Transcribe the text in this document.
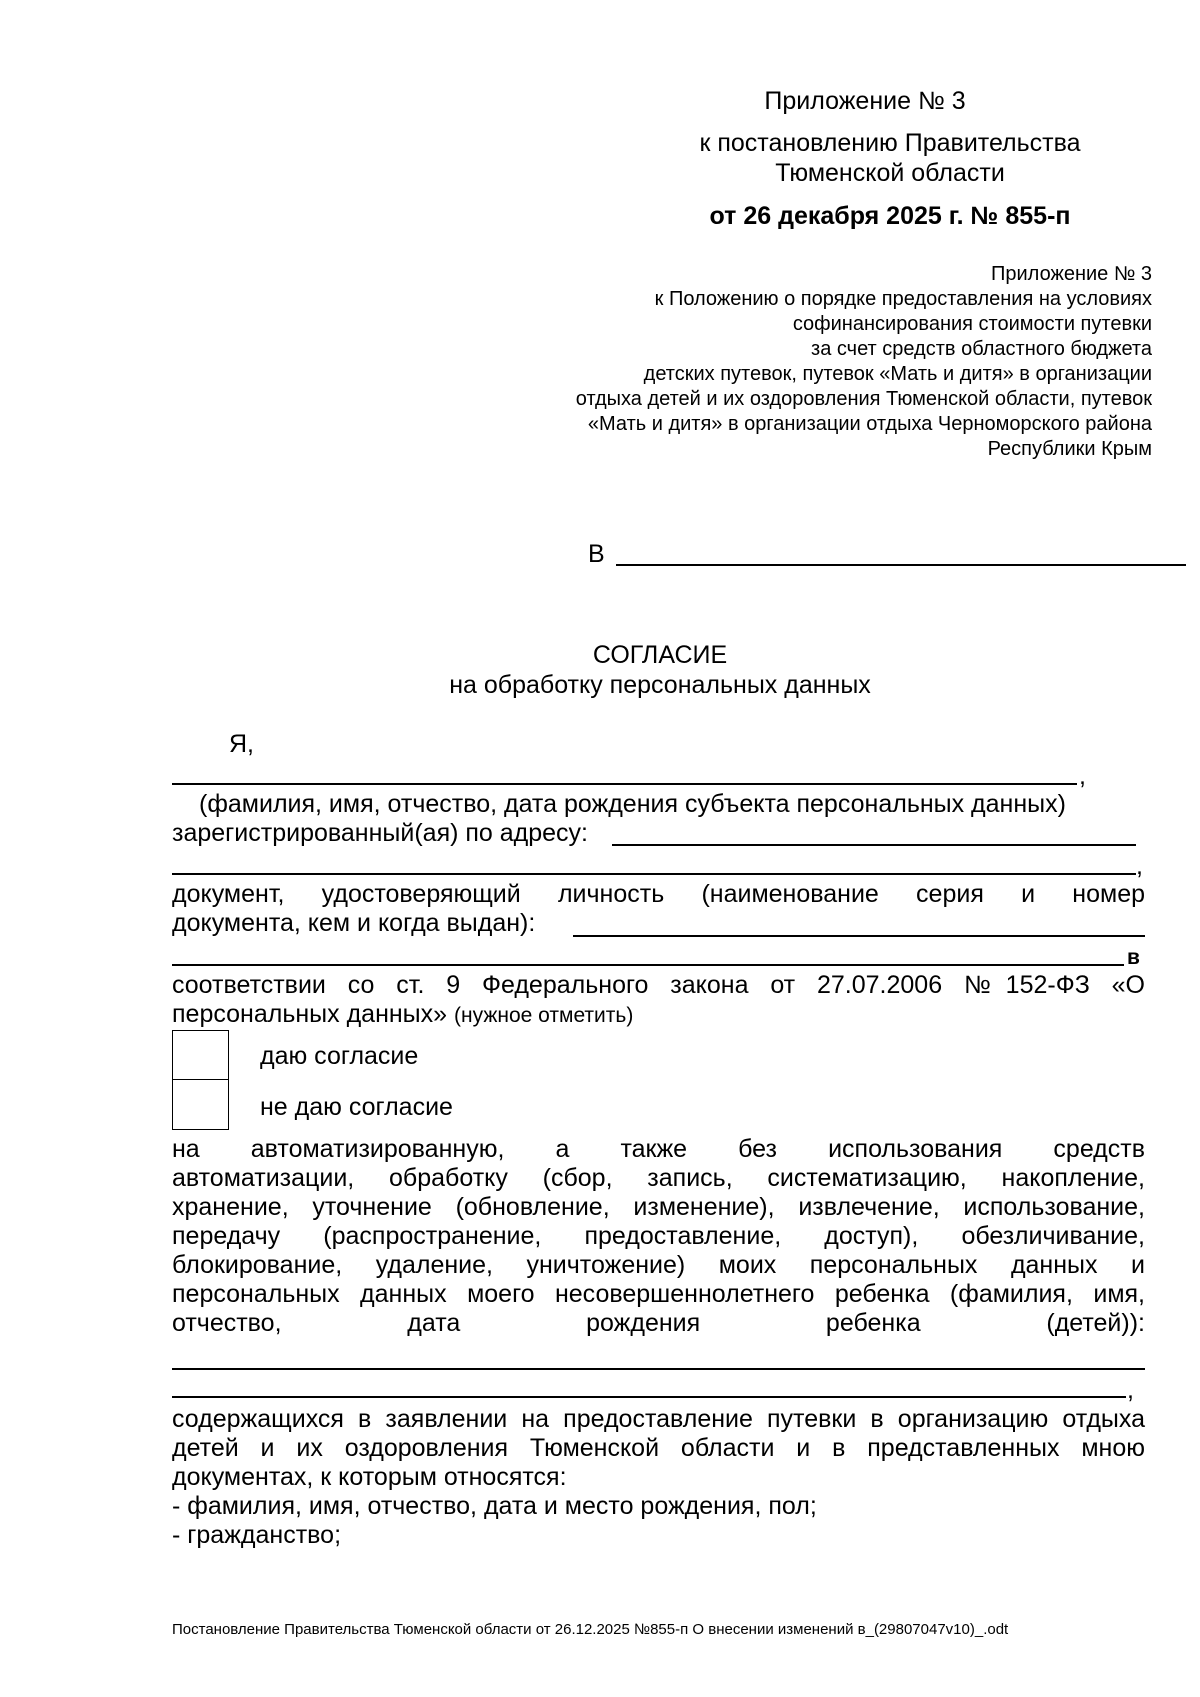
Приложение № 3
к постановлению Правительства
Тюменской области
от 26 декабря 2025 г. № 855-п
Приложение № 3
к Положению о порядке предоставления на условиях
софинансирования стоимости путевки
за счет средств областного бюджета
детских путевок, путевок «Мать и дитя» в организации
отдыха детей и их оздоровления Тюменской области, путевок
«Мать и дитя» в организации отдыха Черноморского района
Республики Крым
В
СОГЛАСИЕ
на обработку персональных данных
Я,
,
(фамилия, имя, отчество, дата рождения субъекта персональных данных)
зарегистрированный(ая) по адресу:
,
документ, удостоверяющий личность (наименование серия и номер
документа, кем и когда выдан):
в
соответствии со ст. 9 Федерального закона от 27.07.2006 №152-ФЗ «О
персональных данных» (нужное отметить)
даю согласие
не даю согласие
на автоматизированную, а также без использования средств
автоматизации, обработку (сбор, запись, систематизацию, накопление,
хранение, уточнение (обновление, изменение), извлечение, использование,
передачу (распространение, предоставление, доступ), обезличивание,
блокирование, удаление, уничтожение) моих персональных данных и
персональных данных моего несовершеннолетнего ребенка (фамилия, имя,
отчество, дата рождения ребенка (детей)):
,
содержащихся в заявлении на предоставление путевки в организацию отдыха
детей и их оздоровления Тюменской области и в представленных мною
документах, к которым относятся:
- фамилия, имя, отчество, дата и место рождения, пол;
- гражданство;
Постановление Правительства Тюменской области от 26.12.2025 №855-п О внесении изменений в_(29807047v10)_.odt
